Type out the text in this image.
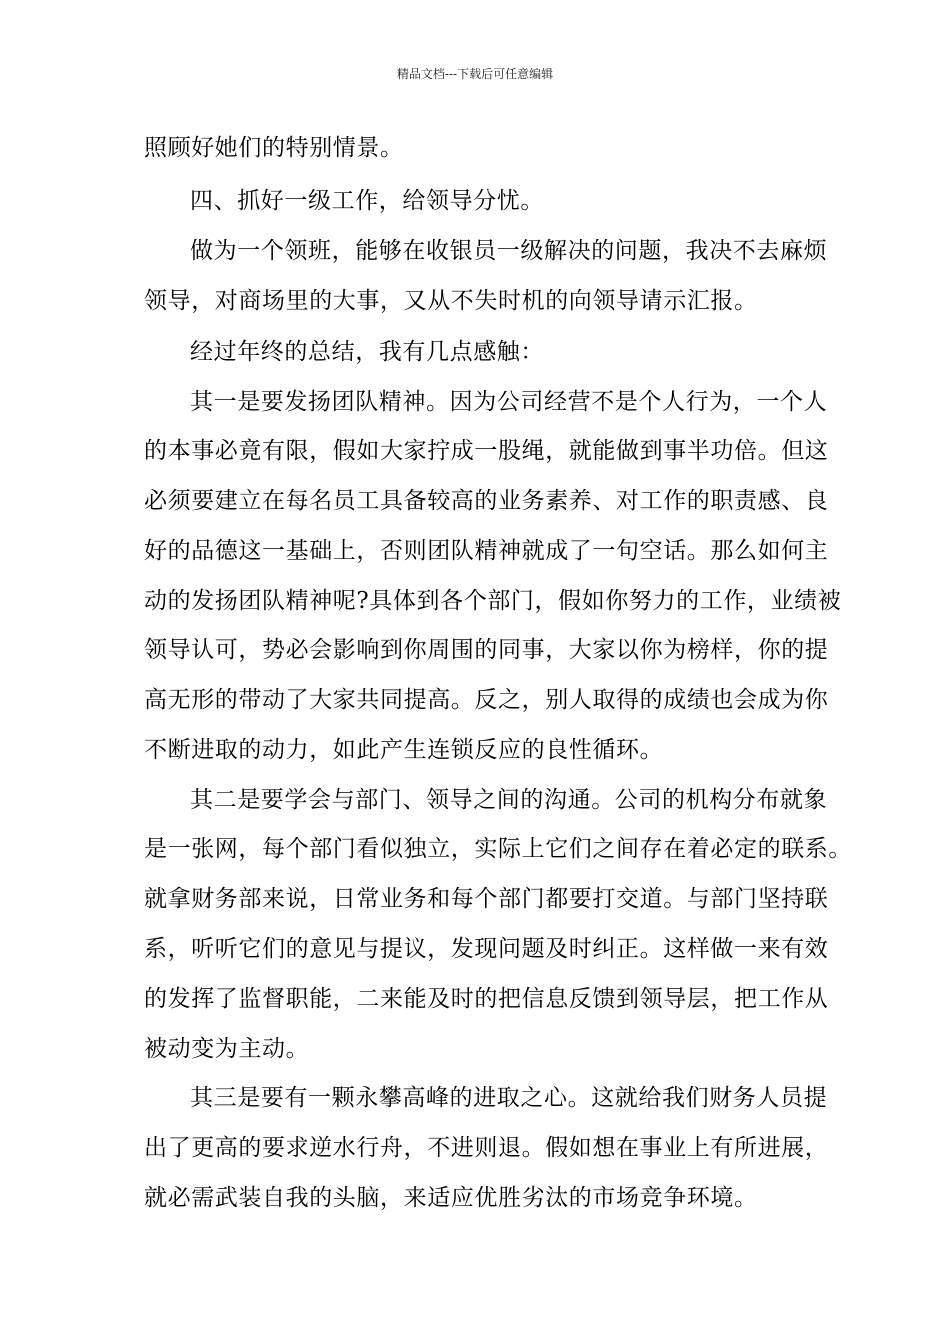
精品文档---下载后可任意编辑
照顾好她们的特别情景。
四、抓好一级工作，给领导分忧。
做为一个领班，能够在收银员一级解决的问题，我决不去麻烦
领导，对商场里的大事，又从不失时机的向领导请示汇报。
经过年终的总结，我有几点感触：
其一是要发扬团队精神。因为公司经营不是个人行为，一个人
的本事必竟有限，假如大家拧成一股绳，就能做到事半功倍。但这
必须要建立在每名员工具备较高的业务素养、对工作的职责感、良
好的品德这一基础上，否则团队精神就成了一句空话。那么如何主
动的发扬团队精神呢?具体到各个部门，假如你努力的工作，业绩被
领导认可，势必会影响到你周围的同事，大家以你为榜样，你的提
高无形的带动了大家共同提高。反之，别人取得的成绩也会成为你
不断进取的动力，如此产生连锁反应的良性循环。
其二是要学会与部门、领导之间的沟通。公司的机构分布就象
是一张网，每个部门看似独立，实际上它们之间存在着必定的联系。
就拿财务部来说，日常业务和每个部门都要打交道。与部门坚持联
系，听听它们的意见与提议，发现问题及时纠正。这样做一来有效
的发挥了监督职能，二来能及时的把信息反馈到领导层，把工作从
被动变为主动。
其三是要有一颗永攀高峰的进取之心。这就给我们财务人员提
出了更高的要求逆水行舟，不进则退。假如想在事业上有所进展，
就必需武装自我的头脑，来适应优胜劣汰的市场竞争环境。
